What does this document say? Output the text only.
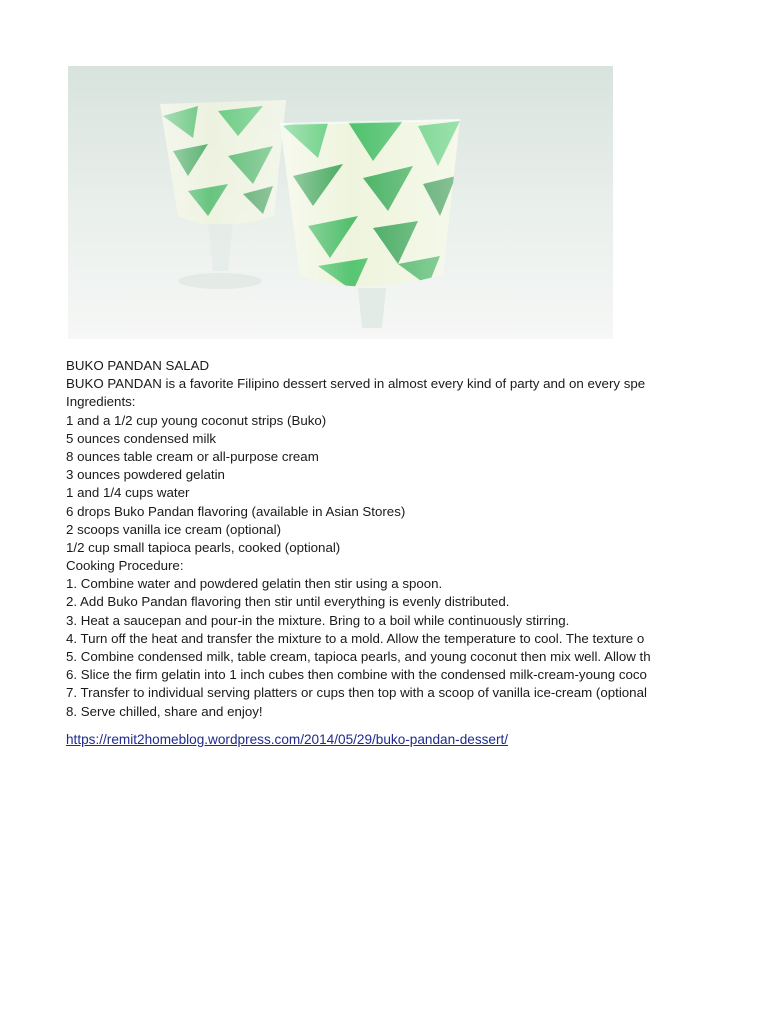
BUKO PANDAN SALAD
BUKO PANDAN is a favorite Filipino dessert served in almost every kind of party and on every spe
Ingredients:
1 and a 1/2 cup young coconut strips (Buko)
5 ounces condensed milk
8 ounces table cream or all-purpose cream
3 ounces powdered gelatin
1 and 1/4 cups water
6 drops Buko Pandan flavoring (available in Asian Stores)
2 scoops vanilla ice cream (optional)
1/2 cup small tapioca pearls, cooked (optional)
Cooking Procedure:
1. Combine water and powdered gelatin then stir using a spoon.
2. Add Buko Pandan flavoring then stir until everything is evenly distributed.
3. Heat a saucepan and pour-in the mixture. Bring to a boil while continuously stirring.
4. Turn off the heat and transfer the mixture to a mold. Allow the temperature to cool. The texture o
5. Combine condensed milk, table cream, tapioca pearls, and young coconut then mix well. Allow th
6. Slice the firm gelatin into 1 inch cubes then combine with the condensed milk-cream-young coco
7. Transfer to individual serving platters or cups then top with a scoop of vanilla ice-cream (optional
8. Serve chilled, share and enjoy!
https://remit2homeblog.wordpress.com/2014/05/29/buko-pandan-dessert/
